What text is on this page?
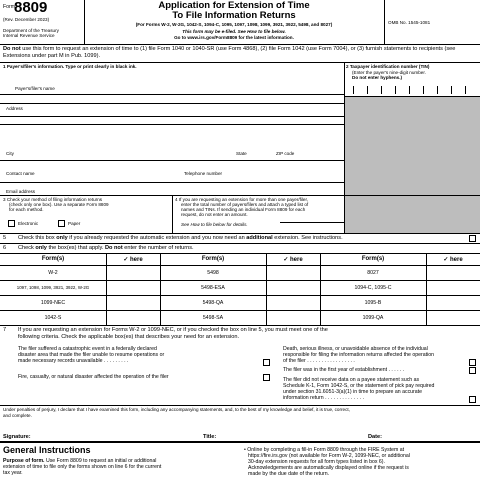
Form
8809
(Rev. December 2023)
Department of the Treasury
Internal Revenue Service
Application for Extension of Time
To File Information Returns
(For Forms W-2, W-2G, 1042-S, 1094-C, 1095, 1097, 1098, 1099, 3921, 3922, 5498, and 8027)
This form may be e-filed. See How to file below.
Go to www.irs.gov/Form8809 for the latest information.
OMB No. 1545-1081
Do not use this form to request an extension of time to (1) file Form 1040 or 1040-SR (use Form 4868), (2) file Form 1042 (use Form 7004), or (3) furnish statements to recipients (see Extensions under part M in Pub. 1099).
1 Payer's/filer's information. Type or print clearly in black ink.
Payer's/filer's name
Address
City	State	ZIP code
Contact name	Telephone number
Email address
2 Taxpayer identification number (TIN)
(Enter the payer's nine-digit number.
Do not enter hyphens.)
3 Check your method of filing information returns
(check only one box). Use a separate Form 8809
for each method.
Electronic	Paper
4 If you are requesting an extension for more than one payer/filer,
enter the total number of payers/filers and attach a typed list of
names and TINs. If sending an individual Form 8809 for each
request, do not enter an amount.
See How to file below for details.
5 Check this box only if you already requested the automatic extension and you now need an additional extension. See instructions.
6 Check only the box(es) that apply. Do not enter the number of returns.
Form(s)	✓ here	Form(s)	✓ here	Form(s)	✓ here
W-2	5498	8027
1097, 1098, 1099, 3921, 3922, W-2G	5498-ESA	1094-C, 1095-C
1099-NEC	5498-QA	1095-B
1042-S	5498-SA	1099-QA
7 If you are requesting an extension for Forms W-2 or 1099-NEC, or if you checked the box on line 5, you must meet one of the
following criteria. Check the applicable box(es) that describes your need for an extension.
The filer suffered a catastrophic event in a federally declared
disaster area that made the filer unable to resume operations or
made necessary records unavailable . . . . . . . . .
Fire, casualty, or natural disaster affected the operation of the filer
Death, serious illness, or unavoidable absence of the individual
responsible for filing the information returns affected the operation
of the filer . . . . . . . . . . . . . . . . .
The filer was in the first year of establishment . . . . . .
The filer did not receive data on a payee statement such as
Schedule K-1, Form 1042-S, or the statement of pick pay required
under section 31.6051-3(a)(1) in time to prepare an accurate
information return . . . . . . . . . . . . . .
Under penalties of perjury, I declare that I have examined this form, including any accompanying statements, and, to the best of my knowledge and belief, it is true, correct,
and complete.
Signature:	Title:	Date:
General Instructions
Purpose of form. Use Form 8809 to request an initial or additional
extension of time to file only the forms shown on line 6 for the current
tax year.
• Online by completing a fill-in Form 8809 through the FIRE System at
https://fire.irs.gov (not available for Form W-2, 1099-NEC, or additional
30-day extension requests for all form types listed in box 6).
Acknowledgements are automatically displayed online if the request is
made by the due date of the return.
